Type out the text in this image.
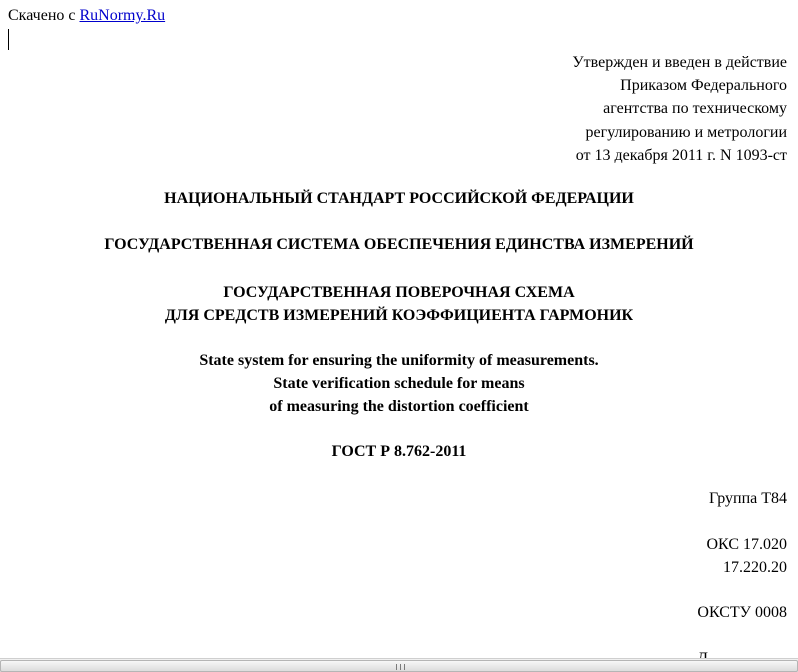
Скачено с RuNormy.Ru
Утвержден и введен в действие
Приказом Федерального
агентства по техническому
регулированию и метрологии
от 13 декабря 2011 г. N 1093-ст
НАЦИОНАЛЬНЫЙ СТАНДАРТ РОССИЙСКОЙ ФЕДЕРАЦИИ
ГОСУДАРСТВЕННАЯ СИСТЕМА ОБЕСПЕЧЕНИЯ ЕДИНСТВА ИЗМЕРЕНИЙ
ГОСУДАРСТВЕННАЯ ПОВЕРОЧНАЯ СХЕМА
ДЛЯ СРЕДСТВ ИЗМЕРЕНИЙ КОЭФФИЦИЕНТА ГАРМОНИК
State system for ensuring the uniformity of measurements.
State verification schedule for means
of measuring the distortion coefficient
ГОСТ Р 8.762-2011
Группа Т84
ОКС 17.020
17.220.20
ОКСТУ 0008
